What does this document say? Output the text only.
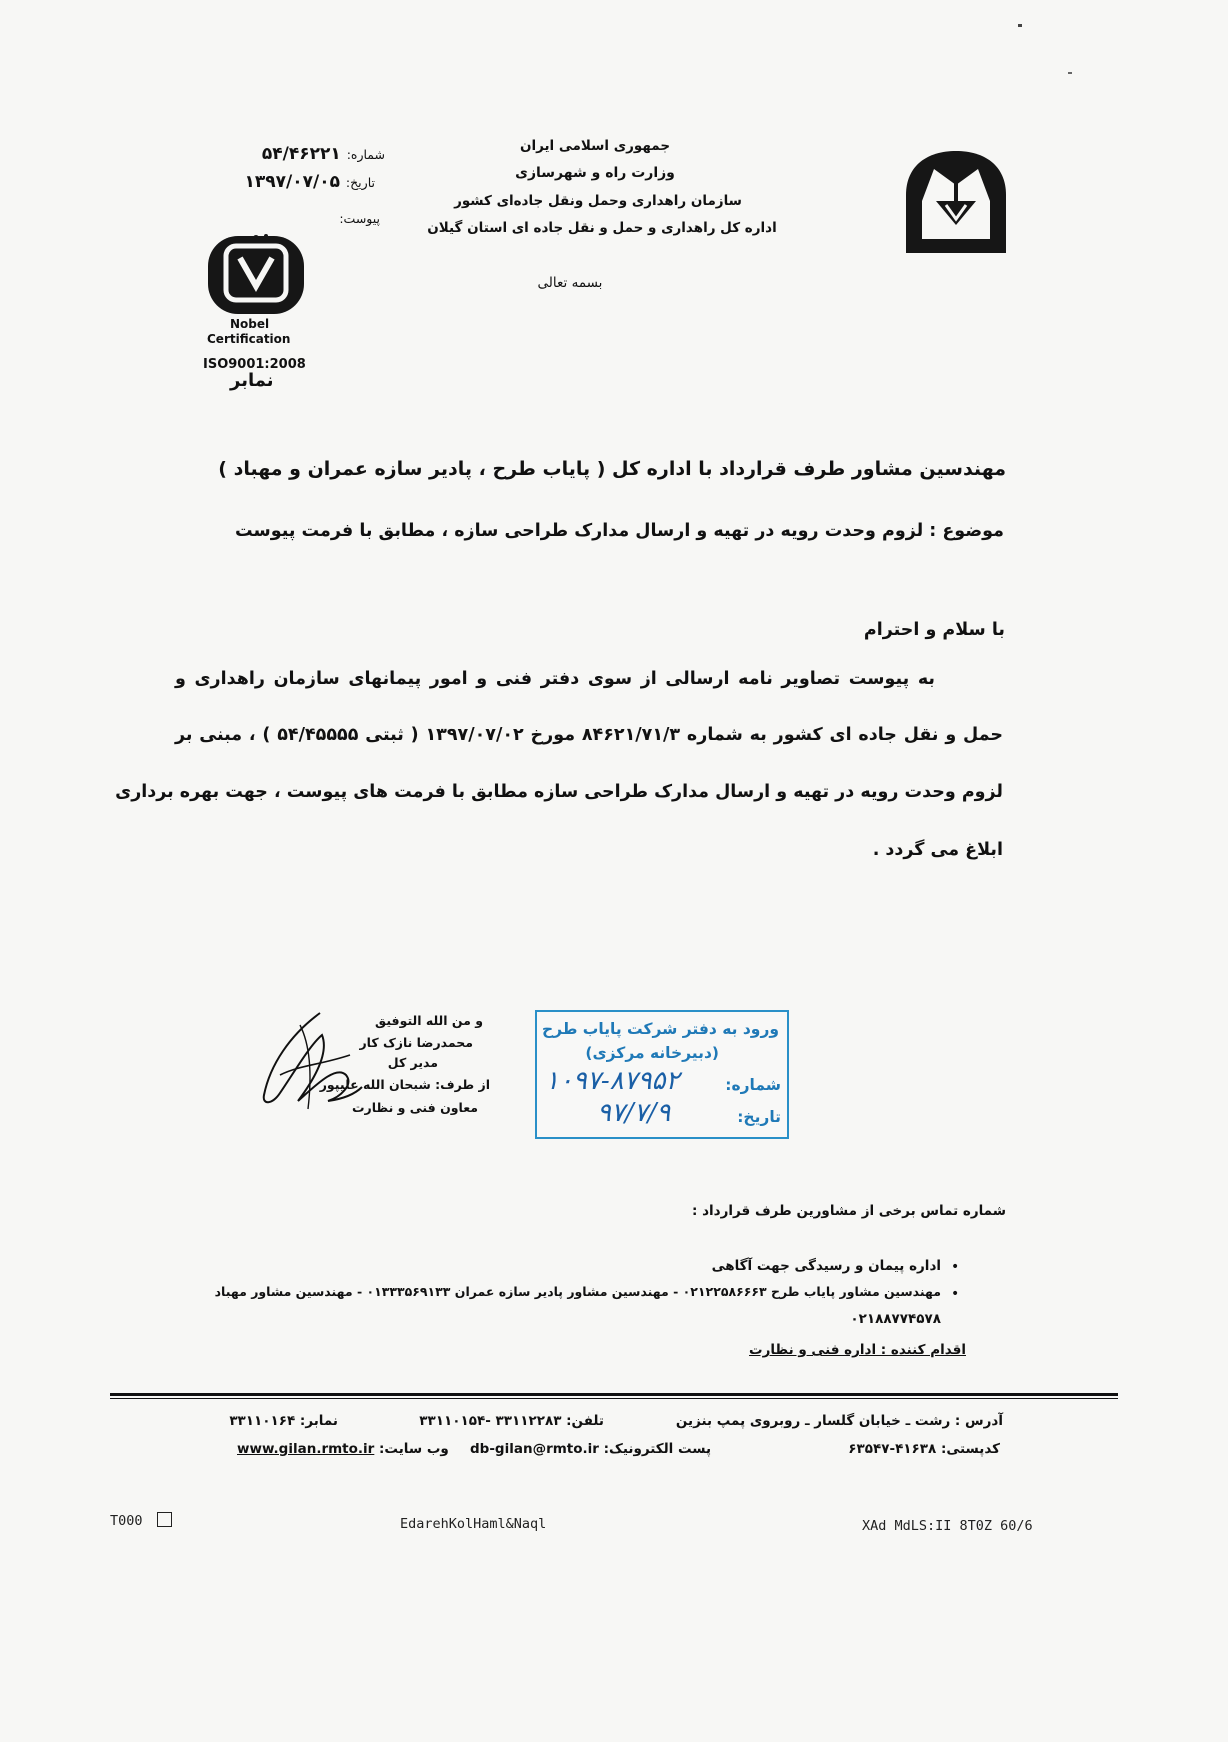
جمهوری اسلامی ایران
وزارت راه و شهرسازی
سازمان راهداری وحمل ونقل جاده‌ای کشور
اداره کل راهداری و حمل و نقل جاده ای استان گیلان
بسمه تعالی
شماره: ۵۴/۴۶۲۲۱
تاریخ: ۱۳۹۷/۰۷/۰۵
پیوست:
Nobel
Certification
ISO9001:2008
نمابر
مهندسین مشاور طرف قرارداد با اداره کل ( پایاب طرح ، پادیر سازه عمران و مهباد )
موضوع : لزوم وحدت رویه در تهیه و ارسال مدارک طراحی سازه ، مطابق با فرمت پیوست
با سلام و احترام
به پیوست تصاویر نامه ارسالی از سوی دفتر فنی و امور پیمانهای سازمان راهداری و
حمل و نقل جاده ای کشور به شماره ۸۴۶۲۱/۷۱/۳ مورخ ۱۳۹۷/۰۷/۰۲ ( ثبتی ۵۴/۴۵۵۵۵ ) ، مبنی بر
لزوم وحدت رویه در تهیه و ارسال مدارک طراحی سازه مطابق با فرمت های پیوست ، جهت بهره برداری
ابلاغ می گردد .
و من الله التوفیق
محمدرضا نازک کار
مدیر کل
از طرف: شبحان الله علیپور
معاون فنی و نظارت
ورود به دفتر شرکت پایاب طرح
(دبیرخانه مرکزی)
شماره:
۱۰۹۷-۸۷۹۵۲
تاریخ:
۹۷/۷/۹
شماره تماس برخی از مشاورین طرف قرارداد :
•
اداره پیمان و رسیدگی جهت آگاهی
•
مهندسین مشاور پایاب طرح ۰۲۱۲۲۵۸۶۶۶۳ - مهندسین مشاور پادیر سازه عمران ۰۱۳۳۳۵۶۹۱۳۳ - مهندسین مشاور مهباد
۰۲۱۸۸۷۷۴۵۷۸
اقدام کننده : اداره فنی و نظارت
آدرس : رشت ـ خیابان گلسار ـ روبروی پمپ بنزین
تلفن: ۳۳۱۱۲۲۸۳ -۳۳۱۱۰۱۵۴
نمابر: ۳۳۱۱۰۱۶۴
کدپستی: ۴۱۶۳۸-۶۳۵۴۷
db-gilan@rmto.ir پست الکترونیک:
www.gilan.rmto.ir وب سایت:
T000	EdarehKolHaml&Naql	XAd MdLS:II 8T0Z 60/6
